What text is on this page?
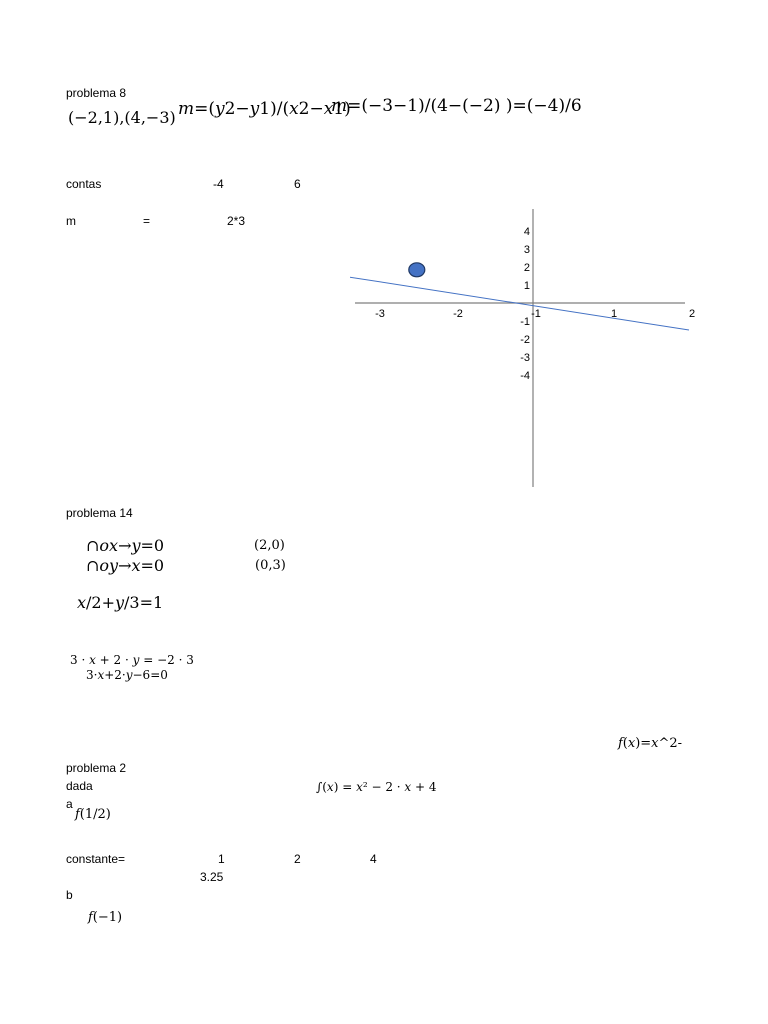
problema 8
(−2,1),(4,−3) 𝑚=(𝑦2−𝑦1)/(𝑥2−𝑥1)
𝑚=(−3−1)/(4−(−2) )=(−4)/6
contas	-4	6
m	=	2*3
-3	-2	-1	1	2
4
3
2
1
-1
-2
-3
-4
problema 14
∩𝑜𝑥→𝑦=0	(2,0)
∩𝑜𝑦→𝑥=0	(0,3)
𝑥/2+𝑦/3=1
3 · 𝑥 + 2 · 𝑦 = −2 · 3
3·𝑥+2·𝑦−6=0
𝑓(𝑥)=𝑥^2-
problema 2
dada	∫(𝑥) = 𝑥² − 2 · 𝑥 + 4
a
𝑓(1/2)
constante=	1	2	4
3.25
b
𝑓(−1)
